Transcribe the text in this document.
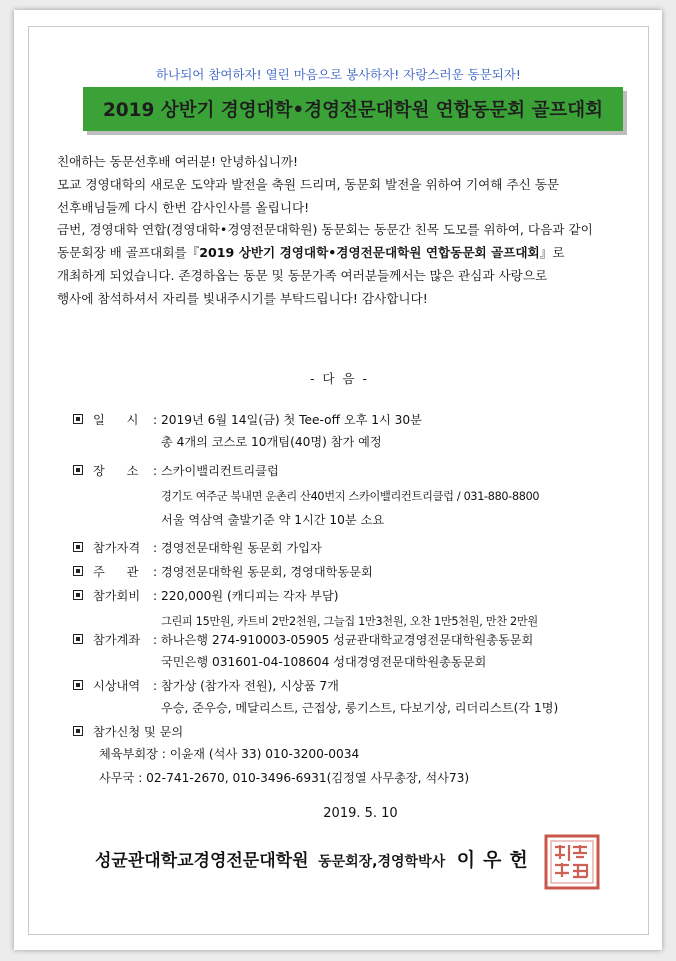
하나되어 참여하자! 열린 마음으로 봉사하자! 자랑스러운 동문되자!
2019 상반기 경영대학•경영전문대학원 연합동문회 골프대회

친애하는 동문선후배 여러분! 안녕하십니까!

모교 경영대학의 새로운 도약과 발전을 축원 드리며, 동문회 발전을 위하여 기여해 주신 동문

선후배님들께 다시 한번 감사인사를 올립니다!

금번, 경영대학 연합(경영대학•경영전문대학원) 동문회는 동문간 친목 도모를 위하여, 다음과 같이

동문회장 배 골프대회를『2019 상반기 경영대학•경영전문대학원 연합동문회 골프대회』로

개최하게 되었습니다. 존경하옵는 동문 및 동문가족 여러분들께서는 많은 관심과 사랑으로

행사에 참석하셔서 자리를 빛내주시기를 부탁드립니다! 감사합니다!

- 다 음 -
일 시 : 2019년 6월 14일(금) 첫 Tee-off 오후 1시 30분
총 4개의 코스로 10개팀(40명) 참가 예정
장 소 : 스카이밸리컨트리클럽
경기도 여주군 북내면 운촌리 산40번지 스카이밸리컨트리클럽 / 031-880-8800
서울 역삼역 출발기준 약 1시간 10분 소요
참가자격 : 경영전문대학원 동문회 가입자
주 관 : 경영전문대학원 동문회, 경영대학동문회
참가회비 : 220,000원 (캐디피는 각자 부담)
그린피 15만원, 카트비 2만2천원, 그늘집 1만3천원, 오찬 1만5천원, 만찬 2만원
참가계좌 : 하나은행 274-910003-05905 성균관대학교경영전문대학원총동문회
국민은행 031601-04-108604 성대경영전문대학원총동문회
시상내역 : 참가상 (참가자 전원), 시상품 7개
우승, 준우승, 메달리스트, 근접상, 롱기스트, 다보기상, 리더리스트(각 1명)
참가신청 및 문의
체육부회장 : 이윤재 (석사 33) 010-3200-0034
사무국 : 02-741-2670, 010-3496-6931(김정열 사무총장, 석사73)
2019. 5. 10
성균관대학교경영전문대학원 동문회장,경영학박사 이우헌
